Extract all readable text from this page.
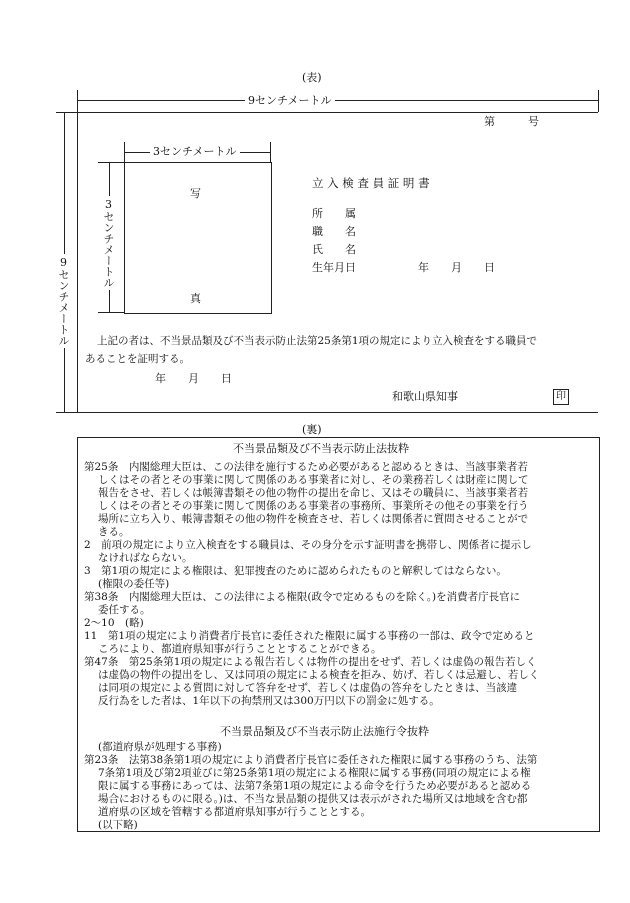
(表)
9センチメートル
9センチメートル
第　　　号
3センチメートル
3センチメートル
写
真
立 入 検 査 員 証 明 書
所　　属
職　　名
氏　　名
生年月日	年　　月　　日
上記の者は、不当景品類及び不当表示防止法第25条第1項の規定により立入検査をする職員で
あることを証明する。
年　　月　　日
和歌山県知事	印
(裏)
不当景品類及び不当表示防止法抜粋
第25条　内閣総理大臣は、この法律を施行するため必要があると認めるときは、当該事業者若
しくはその者とその事業に関して関係のある事業者に対し、その業務若しくは財産に関して
報告をさせ、若しくは帳簿書類その他の物件の提出を命じ、又はその職員に、当該事業者若
しくはその者とその事業に関して関係のある事業者の事務所、事業所その他その事業を行う
場所に立ち入り、帳簿書類その他の物件を検査させ、若しくは関係者に質問させることがで
きる。
2　前項の規定により立入検査をする職員は、その身分を示す証明書を携帯し、関係者に提示し
なければならない。
3　第1項の規定による権限は、犯罪捜査のために認められたものと解釈してはならない。
(権限の委任等)
第38条　内閣総理大臣は、この法律による権限(政令で定めるものを除く。)を消費者庁長官に
委任する。
2～10　(略)
11　第1項の規定により消費者庁長官に委任された権限に属する事務の一部は、政令で定めると
ころにより、都道府県知事が行うこととすることができる。
第47条　第25条第1項の規定による報告若しくは物件の提出をせず、若しくは虚偽の報告若しく
は虚偽の物件の提出をし、又は同項の規定による検査を拒み、妨げ、若しくは忌避し、若しく
は同項の規定による質問に対して答弁をせず、若しくは虚偽の答弁をしたときは、当該違
反行為をした者は、1年以下の拘禁刑又は300万円以下の罰金に処する。
不当景品類及び不当表示防止法施行令抜粋
(都道府県が処理する事務)
第23条　法第38条第1項の規定により消費者庁長官に委任された権限に属する事務のうち、法第
7条第1項及び第2項並びに第25条第1項の規定による権限に属する事務(同項の規定による権
限に属する事務にあっては、法第7条第1項の規定による命令を行うため必要があると認める
場合におけるものに限る。)は、不当な景品類の提供又は表示がされた場所又は地域を含む都
道府県の区域を管轄する都道府県知事が行うこととする。
(以下略)
